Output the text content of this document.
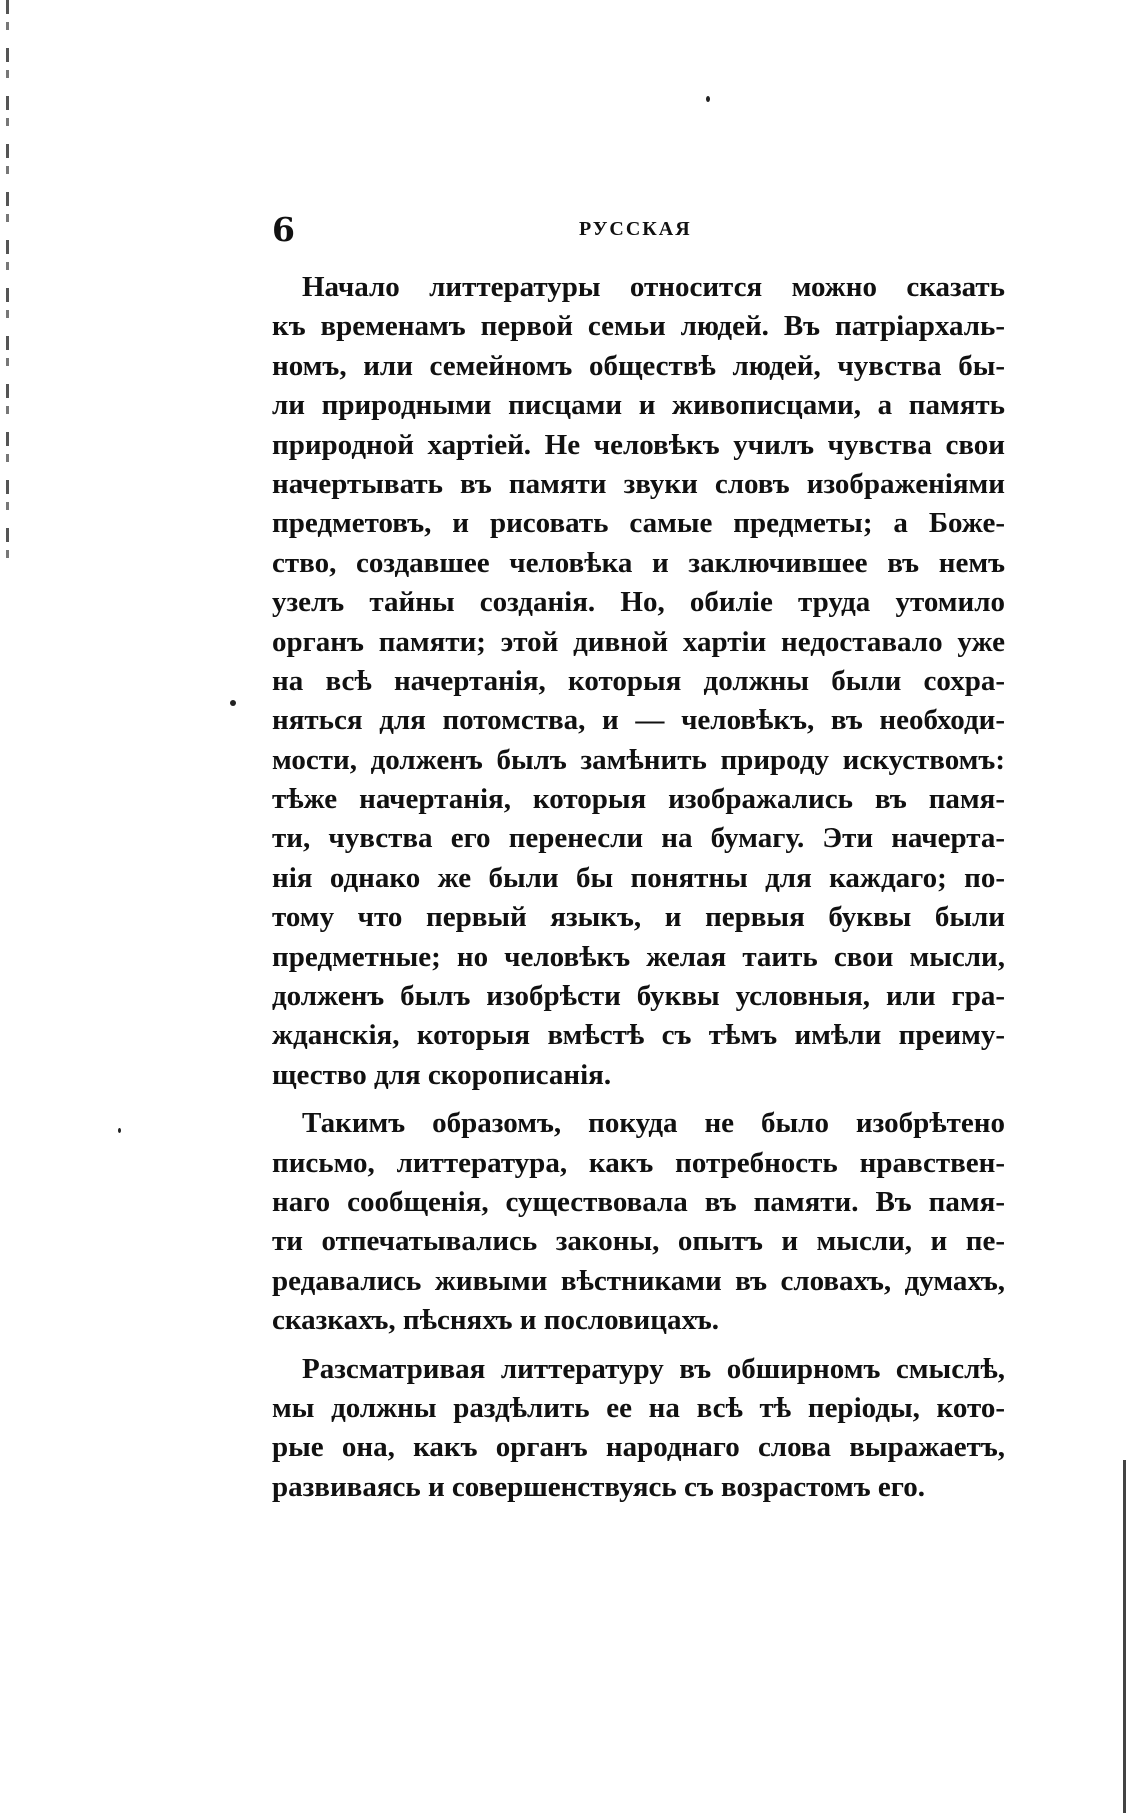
6	РУССКАЯ

Начало литтературы относится можно сказать
къ временамъ первой семьи людей. Въ патріархаль-
номъ, или семейномъ обществѣ людей, чувства бы-
ли природными писцами и живописцами, а память
природной хартіей. Не человѣкъ училъ чувства свои
начертывать въ памяти звуки словъ изображеніями
предметовъ, и рисовать самые предметы; а Боже-
ство, создавшее человѣка и заключившее въ немъ
узелъ тайны созданія. Но, обиліе труда утомило
органъ памяти; этой дивной хартіи недоставало уже
на всѣ начертанія, которыя должны были сохра-
няться для потомства, и — человѣкъ, въ необходи-
мости, долженъ былъ замѣнить природу искуствомъ:
тѣже начертанія, которыя изображались въ памя-
ти, чувства его перенесли на бумагу. Эти начерта-
нія однако же были бы понятны для каждаго; по-
тому что первый языкъ, и первыя буквы были
предметные; но человѣкъ желая таить свои мысли,
долженъ былъ изобрѣсти буквы условныя, или гра-
жданскія, которыя вмѣстѣ съ тѣмъ имѣли преиму-
щество для скорописанія.

Такимъ образомъ, покуда не было изобрѣтено
письмо, литтература, какъ потребность нравствен-
наго сообщенія, существовала въ памяти. Въ памя-
ти отпечатывались законы, опытъ и мысли, и пе-
редавались живыми вѣстниками въ словахъ, думахъ,
сказкахъ, пѣсняхъ и пословицахъ.

Разсматривая литтературу въ обширномъ смыслѣ,
мы должны раздѣлить ее на всѣ тѣ періоды, кото-
рые она, какъ органъ народнаго слова выражаетъ,
развиваясь и совершенствуясь съ возрастомъ его.
